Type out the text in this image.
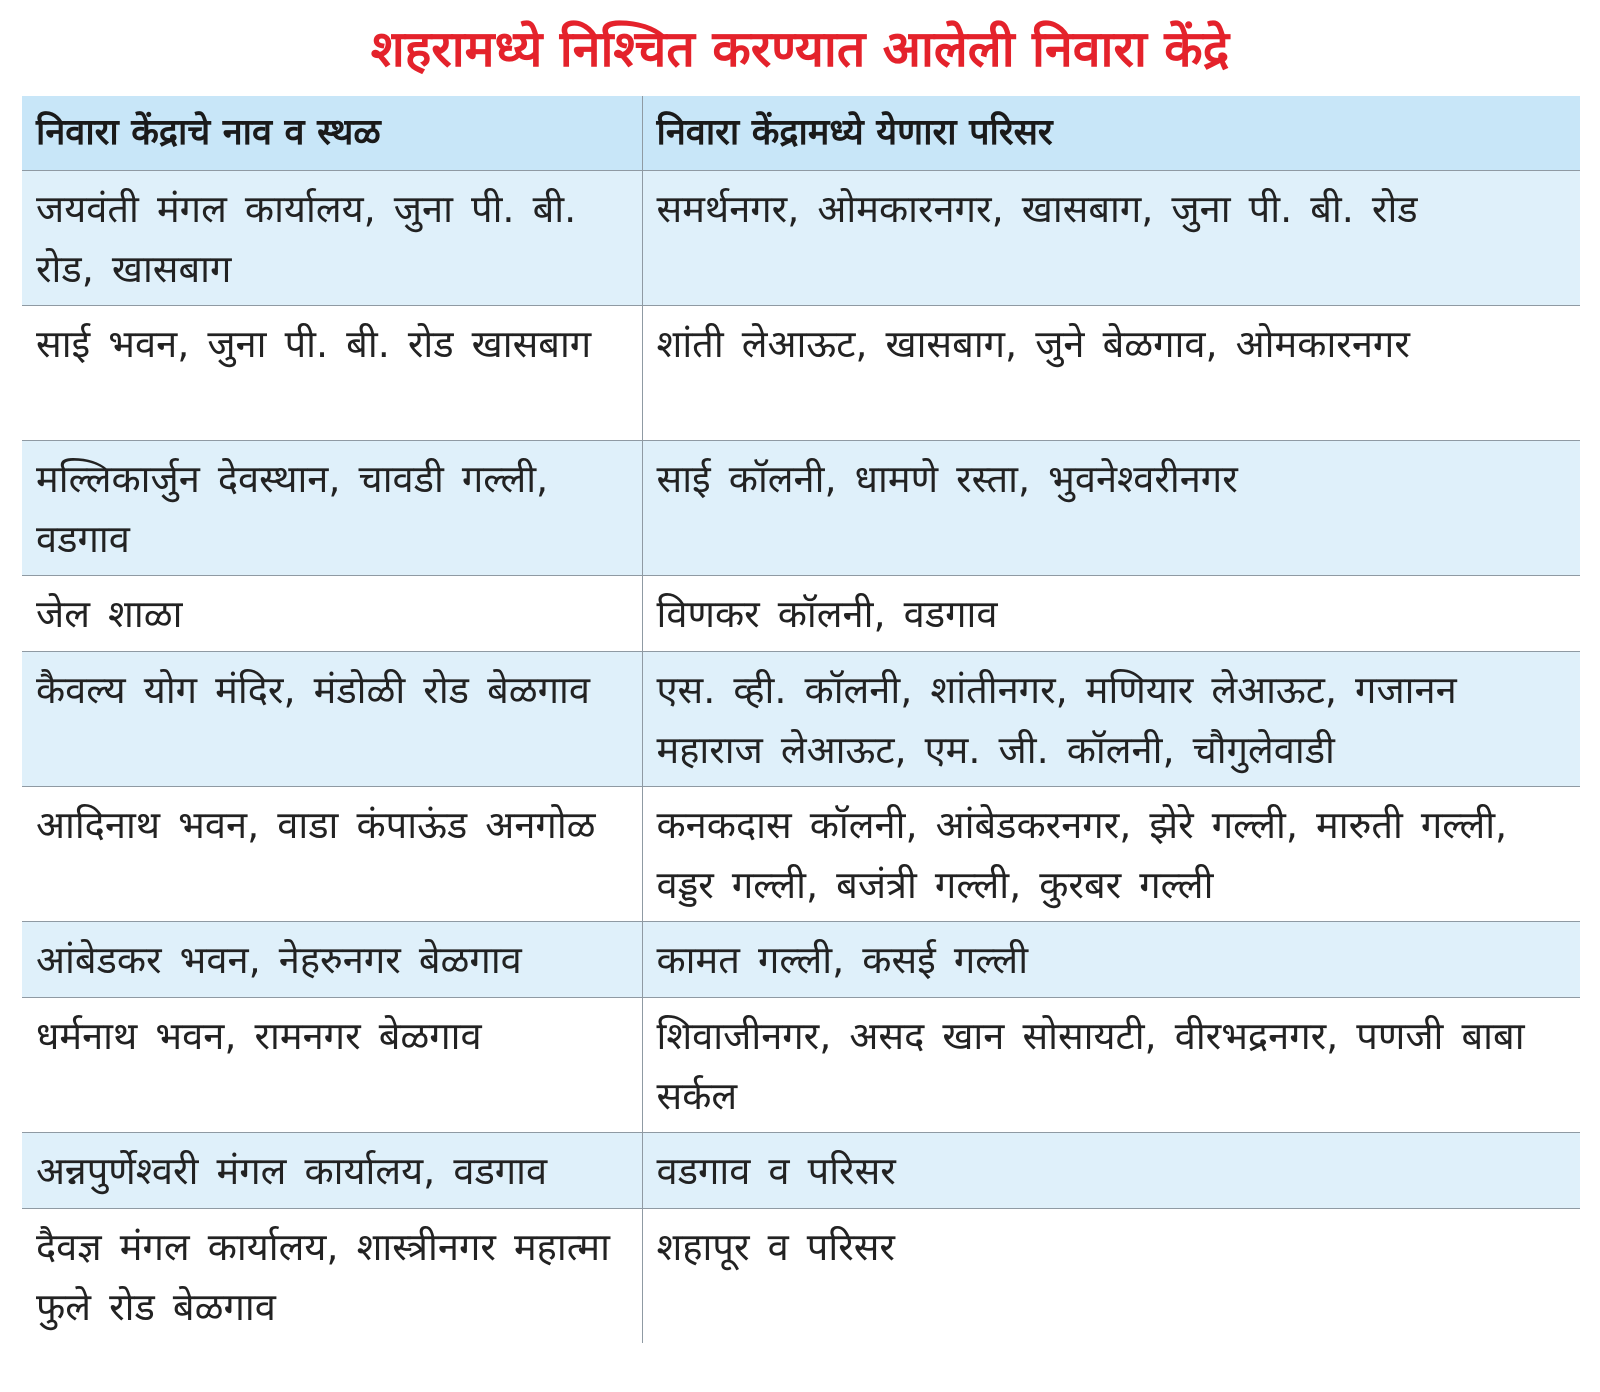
शहरामध्ये निश्चित करण्यात आलेली निवारा केंद्रे
निवारा केंद्राचे नाव व स्थळ	निवारा केंद्रामध्ये येणारा परिसर
जयवंती मंगल कार्यालय, जुना पी. बी. रोड, खासबाग	समर्थनगर, ओमकारनगर, खासबाग, जुना पी. बी. रोड
साई भवन, जुना पी. बी. रोड खासबाग	शांती लेआऊट, खासबाग, जुने बेळगाव, ओमकारनगर
मल्लिकार्जुन देवस्थान, चावडी गल्ली, वडगाव	साई कॉलनी, धामणे रस्ता, भुवनेश्वरीनगर
जेल शाळा	विणकर कॉलनी, वडगाव
कैवल्य योग मंदिर, मंडोळी रोड बेळगाव	एस. व्ही. कॉलनी, शांतीनगर, मणियार लेआऊट, गजानन महाराज लेआऊट, एम. जी. कॉलनी, चौगुलेवाडी
आदिनाथ भवन, वाडा कंपाऊंड अनगोळ	कनकदास कॉलनी, आंबेडकरनगर, झेरे गल्ली, मारुती गल्ली, वड्डर गल्ली, बजंत्री गल्ली, कुरबर गल्ली
आंबेडकर भवन, नेहरुनगर बेळगाव	कामत गल्ली, कसई गल्ली
धर्मनाथ भवन, रामनगर बेळगाव	शिवाजीनगर, असद खान सोसायटी, वीरभद्रनगर, पणजी बाबा सर्कल
अन्नपुर्णेश्वरी मंगल कार्यालय, वडगाव	वडगाव व परिसर
दैवज्ञ मंगल कार्यालय, शास्त्रीनगर महात्मा फुले रोड बेळगाव	शहापूर व परिसर
